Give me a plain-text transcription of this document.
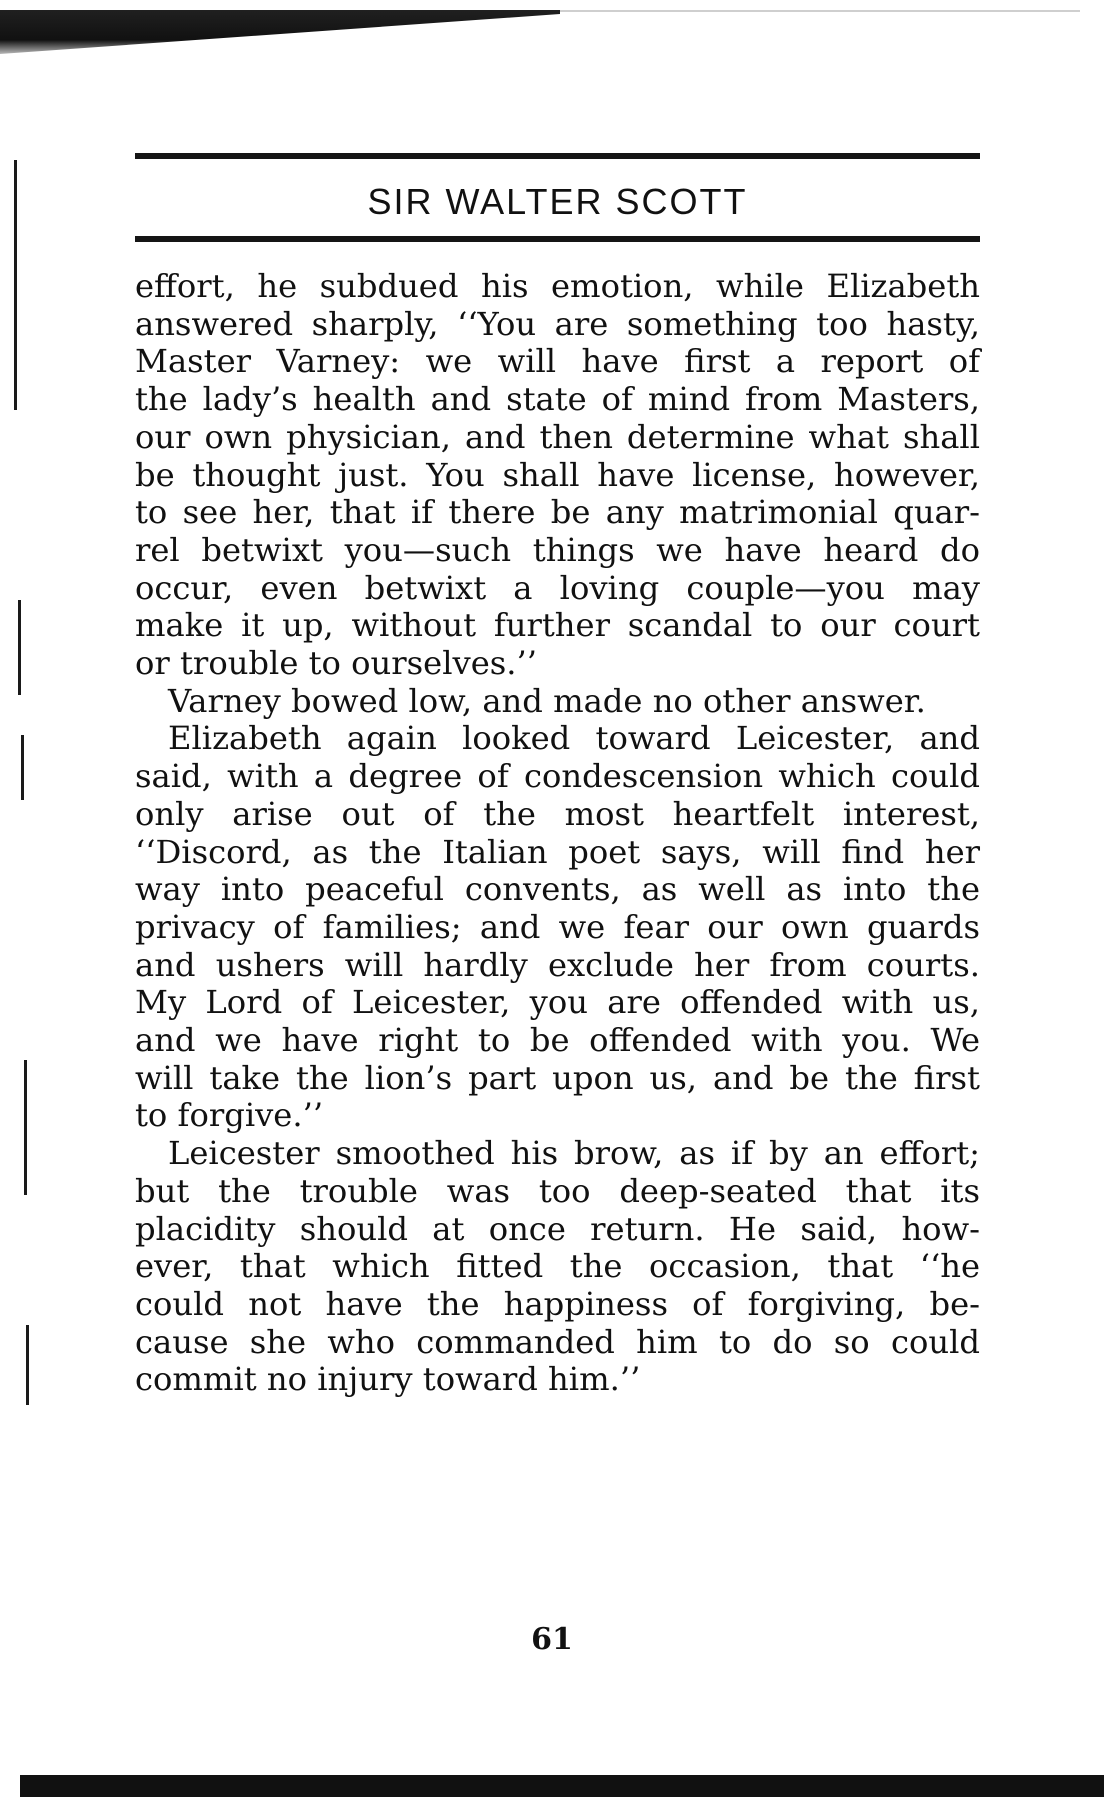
SIR WALTER SCOTT
effort, he subdued his emotion, while Elizabeth
answered sharply, ‘‘You are something too hasty,
Master Varney: we will have first a report of
the lady’s health and state of mind from Masters,
our own physician, and then determine what shall
be thought just. You shall have license, however,
to see her, that if there be any matrimonial quar-
rel betwixt you—such things we have heard do
occur, even betwixt a loving couple—you may
make it up, without further scandal to our court
or trouble to ourselves.’’
Varney bowed low, and made no other answer.
Elizabeth again looked toward Leicester, and
said, with a degree of condescension which could
only arise out of the most heartfelt interest,
‘‘Discord, as the Italian poet says, will find her
way into peaceful convents, as well as into the
privacy of families; and we fear our own guards
and ushers will hardly exclude her from courts.
My Lord of Leicester, you are offended with us,
and we have right to be offended with you. We
will take the lion’s part upon us, and be the first
to forgive.’’
Leicester smoothed his brow, as if by an effort;
but the trouble was too deep-seated that its
placidity should at once return. He said, how-
ever, that which fitted the occasion, that ‘‘he
could not have the happiness of forgiving, be-
cause she who commanded him to do so could
commit no injury toward him.’’
61
